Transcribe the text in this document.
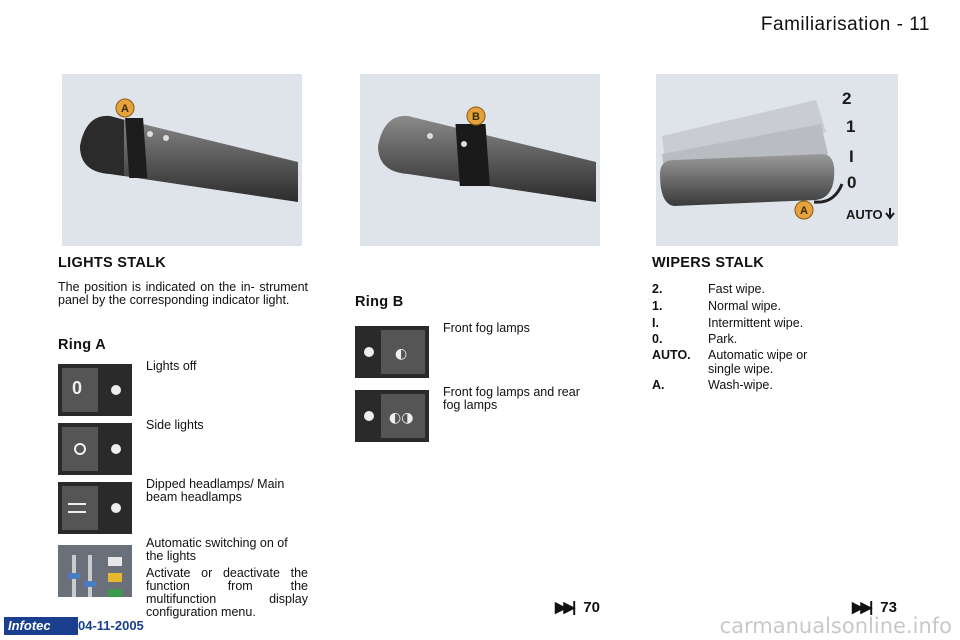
Familiarisation - 11
A
B
A
2
1
I
0
AUTO
LIGHTS STALK
The position is indicated on the in- strument panel by the corresponding indicator light.
Ring A
0
Lights off
Side lights
Dipped headlamps/ Main beam headlamps
Automatic switching on of the lights
Activate or deactivate the function from the multifunction display configuration menu.
Ring B
◐
Front fog lamps
◐◑
Front fog lamps and rear fog lamps
▶▶| 70
WIPERS STALK
2.	Fast wipe.
1.	Normal wipe.
I.	Intermittent wipe.
0.	Park.
AUTO. Automatic wipe or single wipe.
A.	Wash-wipe.
▶▶| 73
Infotec	04-11-2005	carmanualsonline.info
